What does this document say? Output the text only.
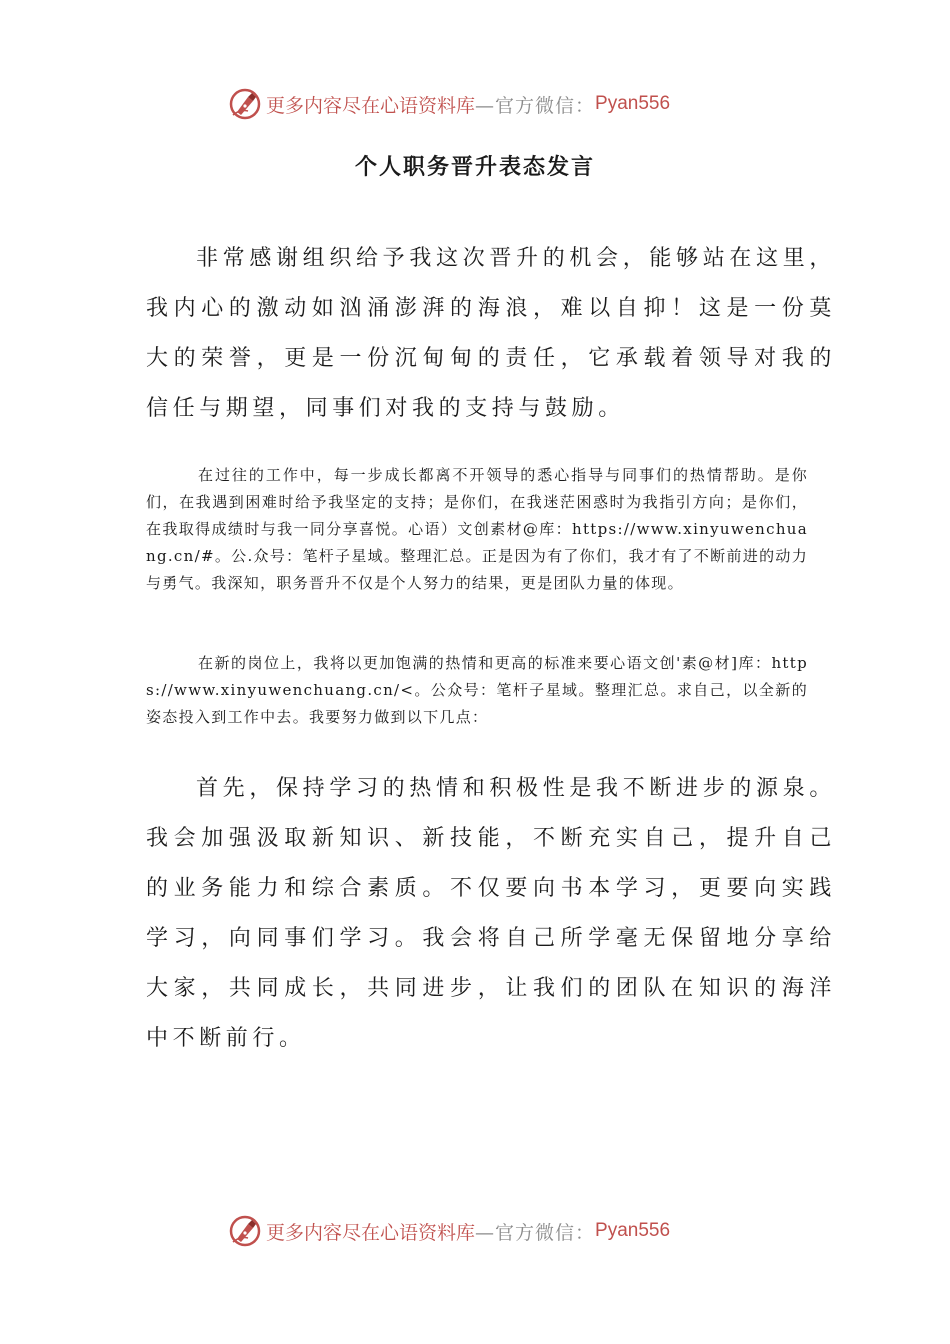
更多内容尽在心语资料库 —官方微信： Pyan556
个人职务晋升表态发言

非常感谢组织给予我这次晋升的机会，能够站在这里，我内心的激动如汹涌澎湃的海浪，难以自抑！这是一份莫大的荣誉，更是一份沉甸甸的责任，它承载着领导对我的信任与期望，同事们对我的支持与鼓励。

在过往的工作中，每一步成长都离不开领导的悉心指导与同事们的热情帮助。是你们，在我遇到困难时给予我坚定的支持；是你们，在我迷茫困惑时为我指引方向；是你们，在我取得成绩时与我一同分享喜悦。心语）文创素材@库：https://www.xinyuwenchuang.cn/#。公.众号：笔杆子星域。整理汇总。正是因为有了你们，我才有了不断前进的动力与勇气。我深知，职务晋升不仅是个人努力的结果，更是团队力量的体现。

在新的岗位上，我将以更加饱满的热情和更高的标准来要心语文创'素@材]库：https://www.xinyuwenchuang.cn/<。公众号：笔杆子星域。整理汇总。求自己，以全新的姿态投入到工作中去。我要努力做到以下几点：

首先，保持学习的热情和积极性是我不断进步的源泉。我会加强汲取新知识、新技能，不断充实自己，提升自己的业务能力和综合素质。不仅要向书本学习，更要向实践学习，向同事们学习。我会将自己所学毫无保留地分享给大家，共同成长，共同进步，让我们的团队在知识的海洋中不断前行。

更多内容尽在心语资料库 —官方微信： Pyan556
